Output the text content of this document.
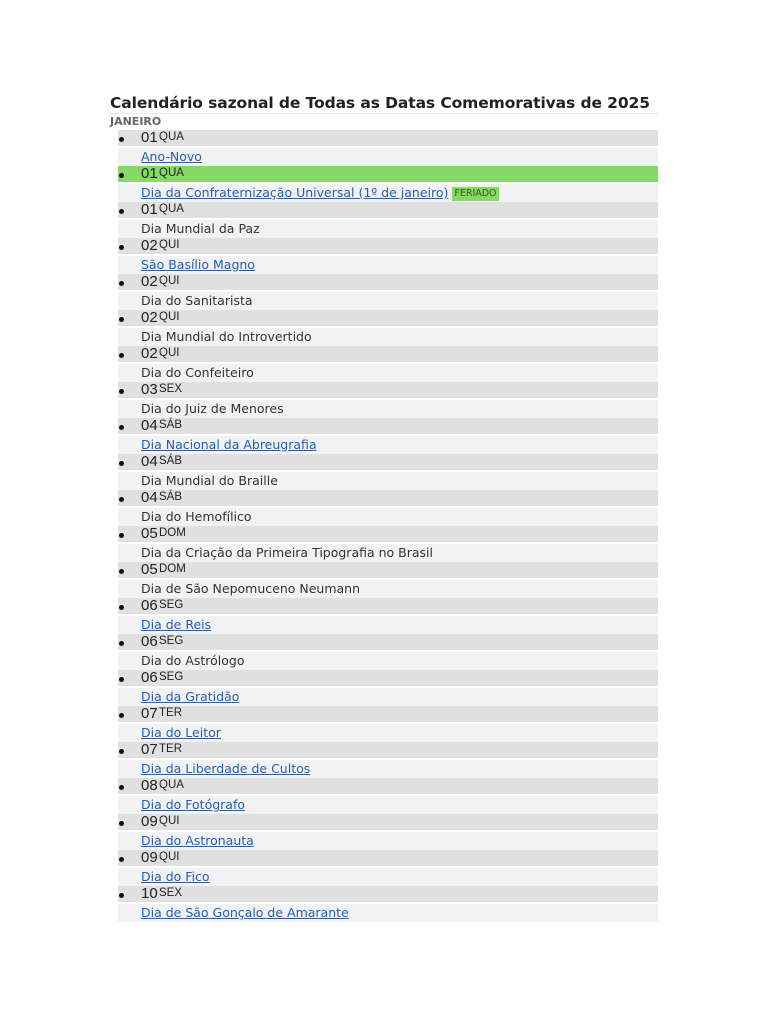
Calendário sazonal de Todas as Datas Comemorativas de 2025
JANEIRO
01 QUA
Ano-Novo
01 QUA
Dia da Confraternização Universal (1º de janeiro) FERIADO
01 QUA
Dia Mundial da Paz
02 QUI
São Basílio Magno
02 QUI
Dia do Sanitarista
02 QUI
Dia Mundial do Introvertido
02 QUI
Dia do Confeiteiro
03 SEX
Dia do Juiz de Menores
04 SÁB
Dia Nacional da Abreugrafia
04 SÁB
Dia Mundial do Braille
04 SÁB
Dia do Hemofílico
05 DOM
Dia da Criação da Primeira Tipografia no Brasil
05 DOM
Dia de São Nepomuceno Neumann
06 SEG
Dia de Reis
06 SEG
Dia do Astrólogo
06 SEG
Dia da Gratidão
07 TER
Dia do Leitor
07 TER
Dia da Liberdade de Cultos
08 QUA
Dia do Fotógrafo
09 QUI
Dia do Astronauta
09 QUI
Dia do Fico
10 SEX
Dia de São Gonçalo de Amarante
